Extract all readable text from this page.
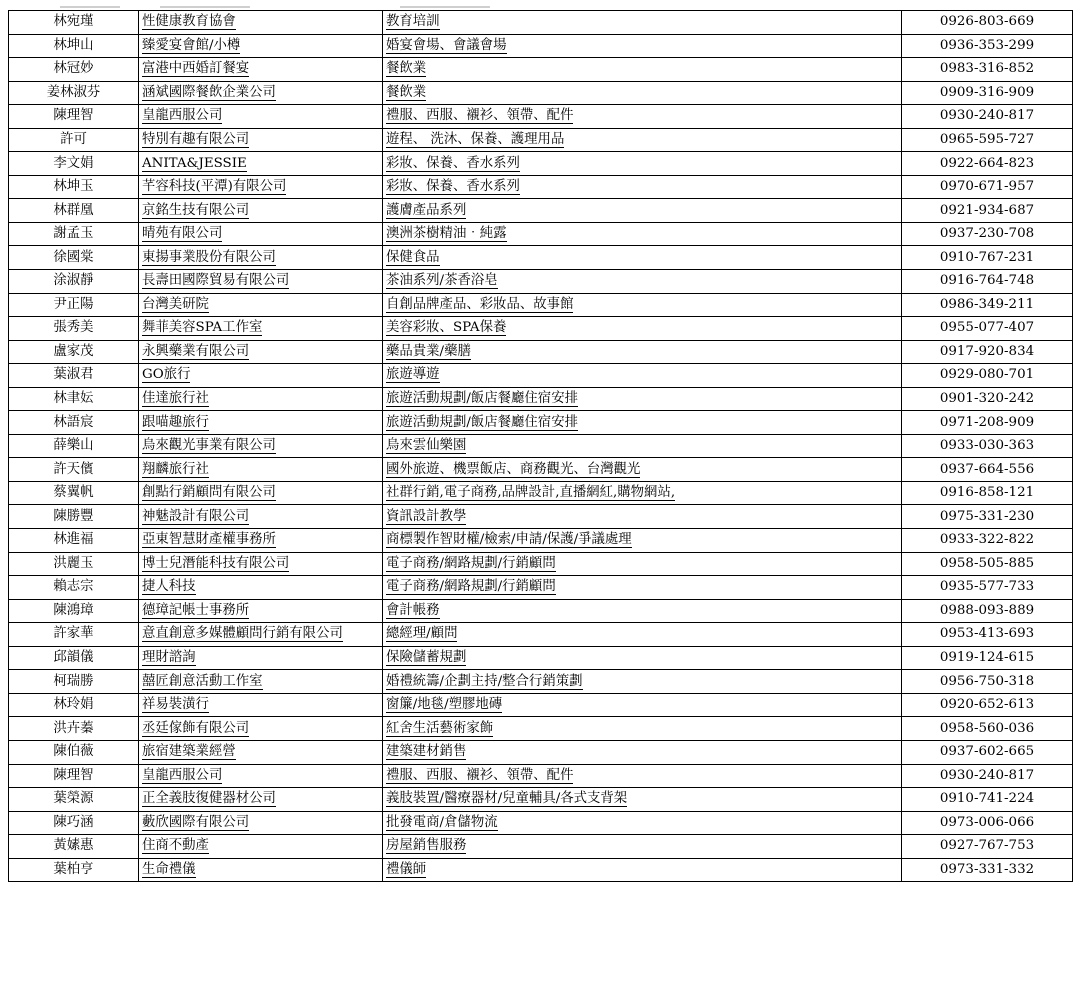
林宛瑾	性健康教育協會	教育培訓	0926-803-669
林坤山	臻愛宴會館/小樽	婚宴會場、會議會場	0936-353-299
林冠妙	富港中西婚訂餐宴	餐飲業	0983-316-852
姜林淑芬	涵斌國際餐飲企業公司	餐飲業	0909-316-909
陳理智	皇龍西服公司	禮服、西服、襯衫、領帶、配件	0930-240-817
許可	特別有趣有限公司	遊程、 洗沐、保養、護理用品	0965-595-727
李文娟	ANITA&JESSIE	彩妝、保養、香水系列	0922-664-823
林坤玉	芊容科技(平潭)有限公司	彩妝、保養、香水系列	0970-671-957
林群凰	京銘生技有限公司	護膚產品系列	0921-934-687
謝孟玉	晴苑有限公司	澳洲茶樹精油‧純露	0937-230-708
徐國棠	東揚事業股份有限公司	保健食品	0910-767-231
涂淑靜	長壽田國際貿易有限公司	茶油系列/茶香浴皂	0916-764-748
尹正陽	台灣美研院	自創品牌產品、彩妝品、故事館	0986-349-211
張秀美	舞菲美容SPA工作室	美容彩妝、SPA保養	0955-077-407
盧家茂	永興藥業有限公司	藥品貴業/藥膳	0917-920-834
葉淑君	GO旅行	旅遊導遊	0929-080-701
林聿妘	佳達旅行社	旅遊活動規劃/飯店餐廳住宿安排	0901-320-242
林語宸	跟喵趣旅行	旅遊活動規劃/飯店餐廳住宿安排	0971-208-909
薛樂山	烏來觀光事業有限公司	烏來雲仙樂園	0933-030-363
許天儐	翔麟旅行社	國外旅遊、機票飯店、商務觀光、台灣觀光	0937-664-556
蔡翼帆	創點行銷顧問有限公司	社群行銷,電子商務,品牌設計,直播網紅,購物網站,	0916-858-121
陳勝豐	神魅設計有限公司	資訊設計教學	0975-331-230
林進福	亞東智慧財產權事務所	商標製作智財權/檢索/申請/保護/爭議處理	0933-322-822
洪麗玉	博士兒潛能科技有限公司	電子商務/網路規劃/行銷顧問	0958-505-885
賴志宗	捷人科技	電子商務/網路規劃/行銷顧問	0935-577-733
陳鴻璋	德璋記帳士事務所	會計帳務	0988-093-889
許家華	意直創意多媒體顧問行銷有限公司	總經理/顧問	0953-413-693
邱韻儀	理財諮詢	保險儲蓄規劃	0919-124-615
柯瑞勝	囍匠創意活動工作室	婚禮統籌/企劃主持/整合行銷策劃	0956-750-318
林玲娟	祥易裝潢行	窗簾/地毯/塑膠地磚	0920-652-613
洪卉蓁	丞廷傢飾有限公司	紅舍生活藝術家飾	0958-560-036
陳伯薇	旅宿建築業經營	建築建材銷售	0937-602-665
陳理智	皇龍西服公司	禮服、西服、襯衫、領帶、配件	0930-240-817
葉榮源	正全義肢復健器材公司	義肢裝置/醫療器材/兒童輔具/各式支背架	0910-741-224
陳巧涵	藪欣國際有限公司	批發電商/倉儲物流	0973-006-066
黃嫊惠	住商不動產	房屋銷售服務	0927-767-753
葉柏亨	生命禮儀	禮儀師	0973-331-332
